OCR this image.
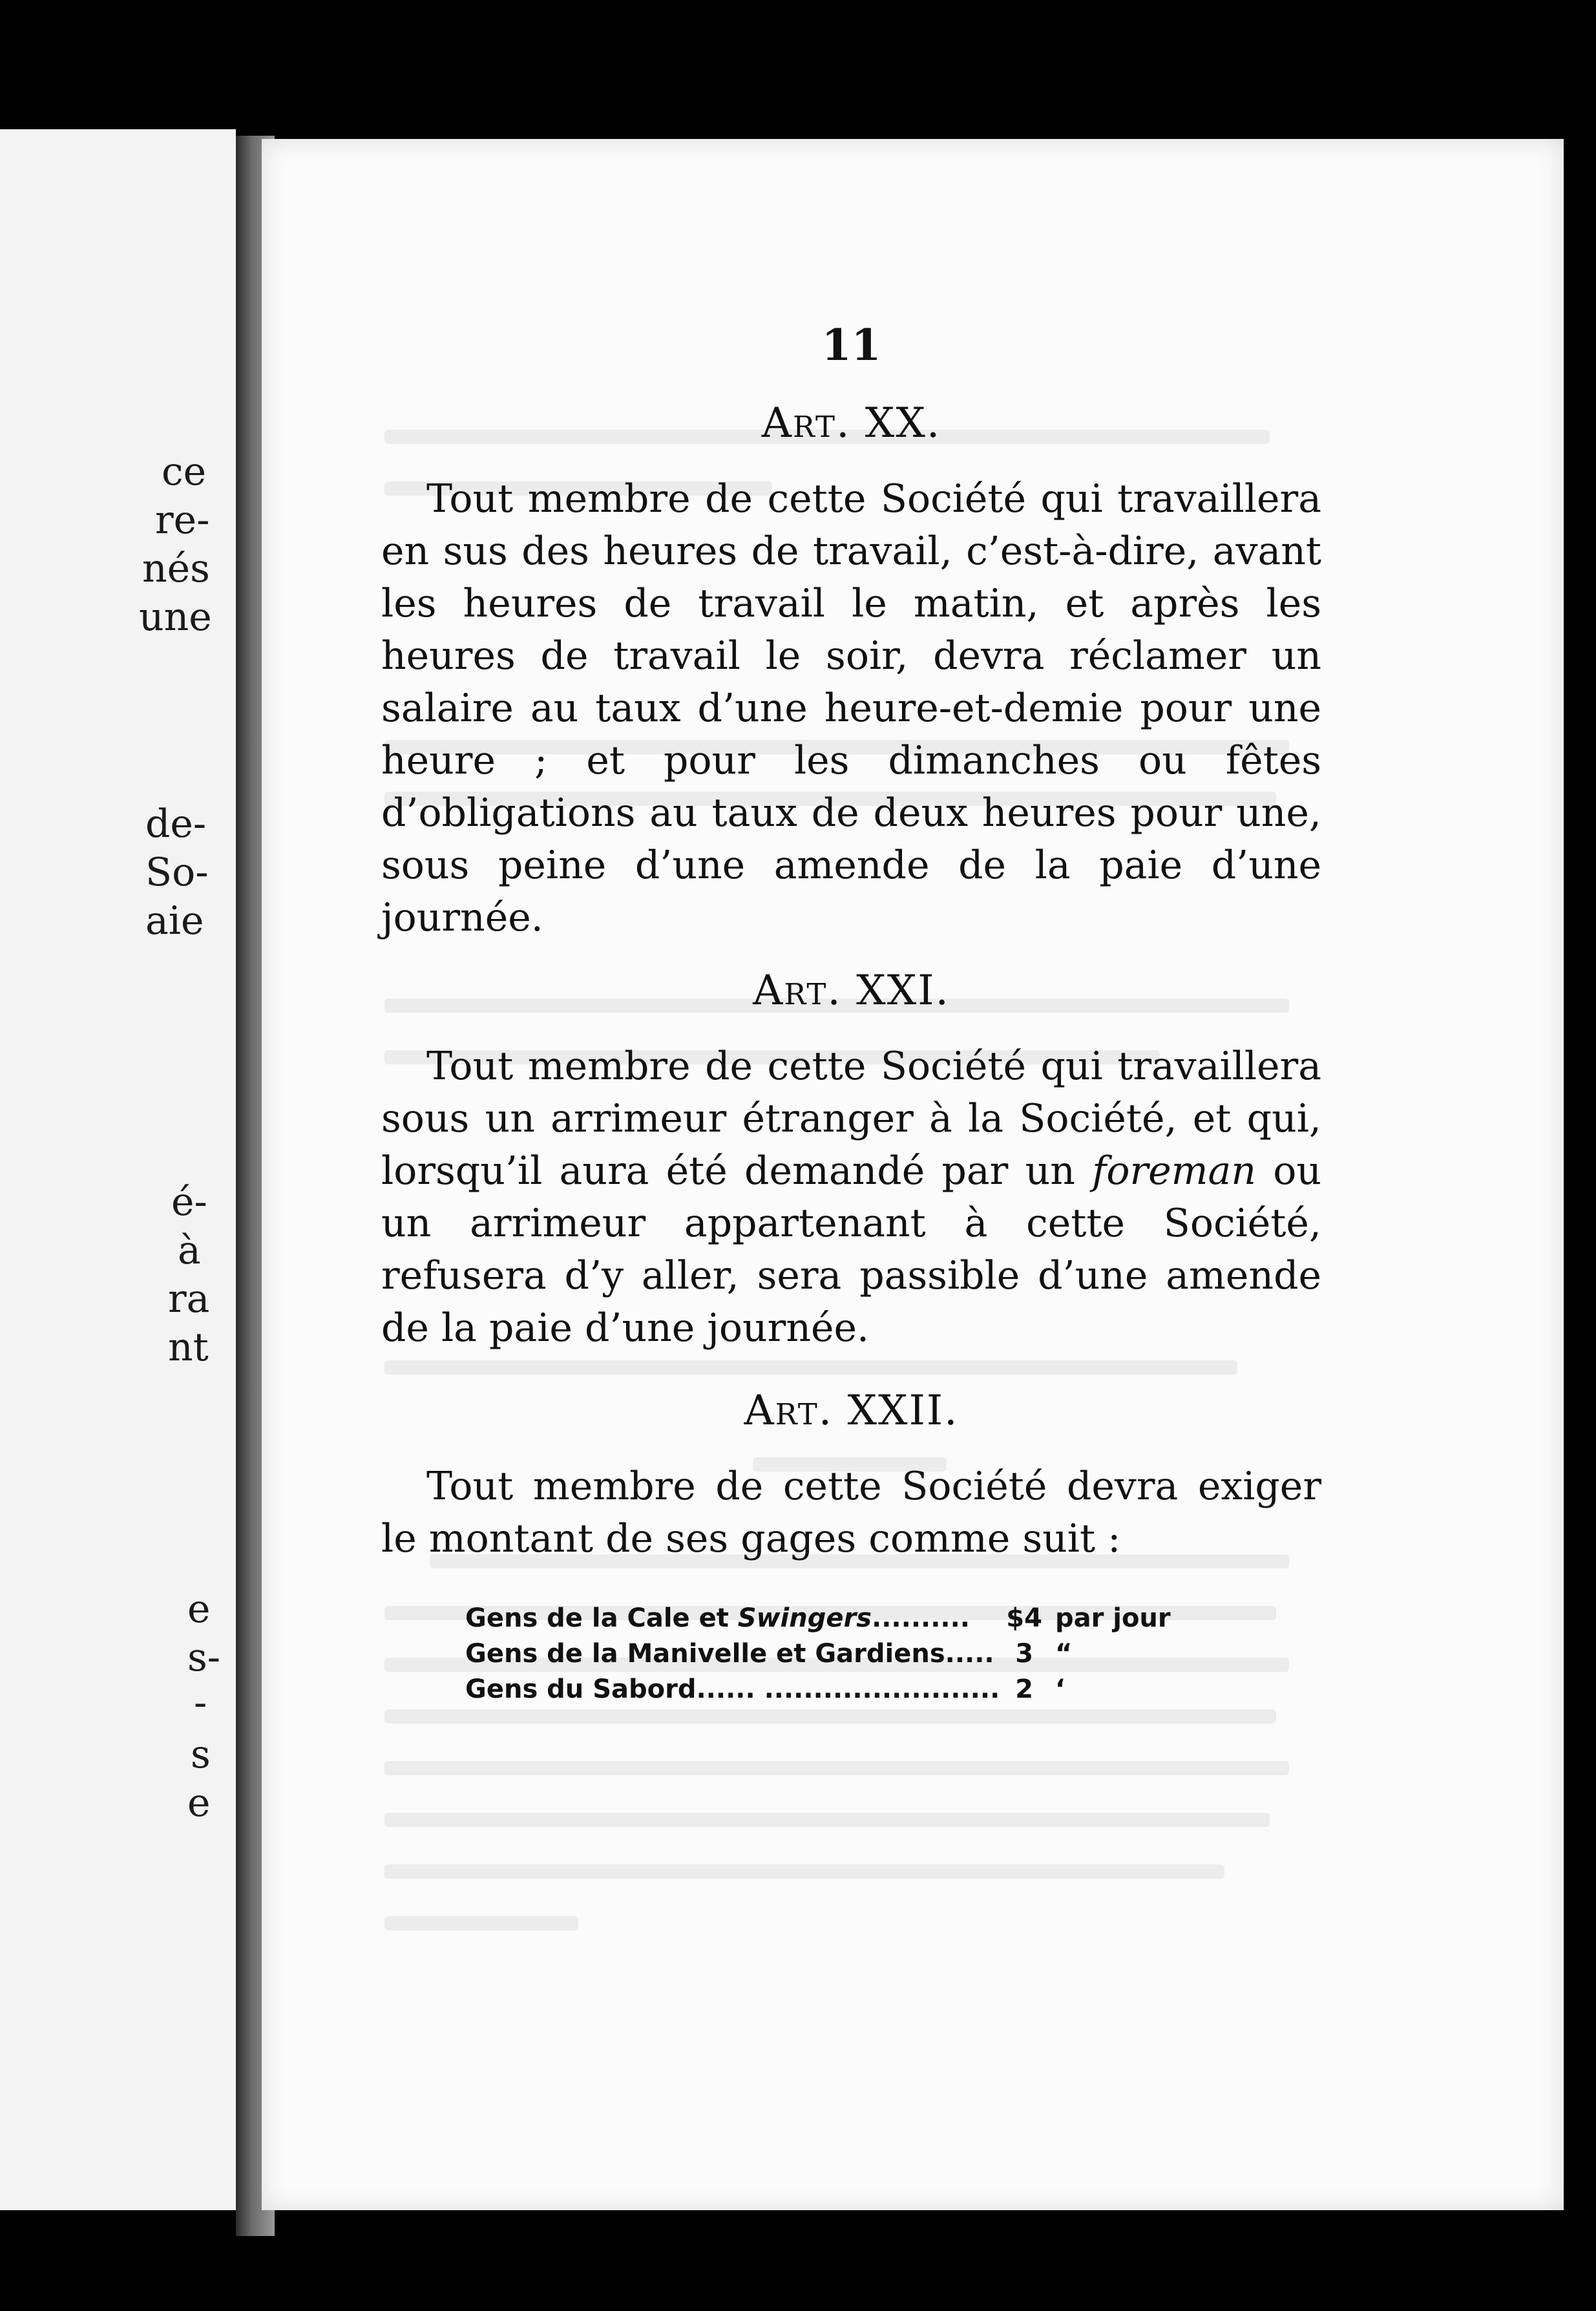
ce
re-
nés
une
de-
So-
aie
é-
à
ra
nt
e
s-
-
s
e
11
Art. XX.

Tout membre de cette Société qui travaillera en sus des heures de travail, c’est-à-dire, avant les heures de travail le matin, et après les heures de travail le soir, devra réclamer un salaire au taux d’une heure-et-demie pour une heure ; et pour les dimanches ou fêtes d’obligations au taux de deux heures pour une, sous peine d’une amende de la paie d’une journée.

Art. XXI.

Tout membre de cette Société qui travaillera sous un arrimeur étranger à la Société, et qui, lorsqu’il aura été demandé par un foreman ou un arrimeur appartenant à cette Société, refusera d’y aller, sera passible d’une amende de la paie d’une journée.

Art. XXII.

Tout membre de cette Société devra exiger le montant de ses gages comme suit :

Gens de la Cale et Swingers..........	$4	par jour
Gens de la Manivelle et Gardiens.....	3	“
Gens du Sabord...... ........................	2	‘
